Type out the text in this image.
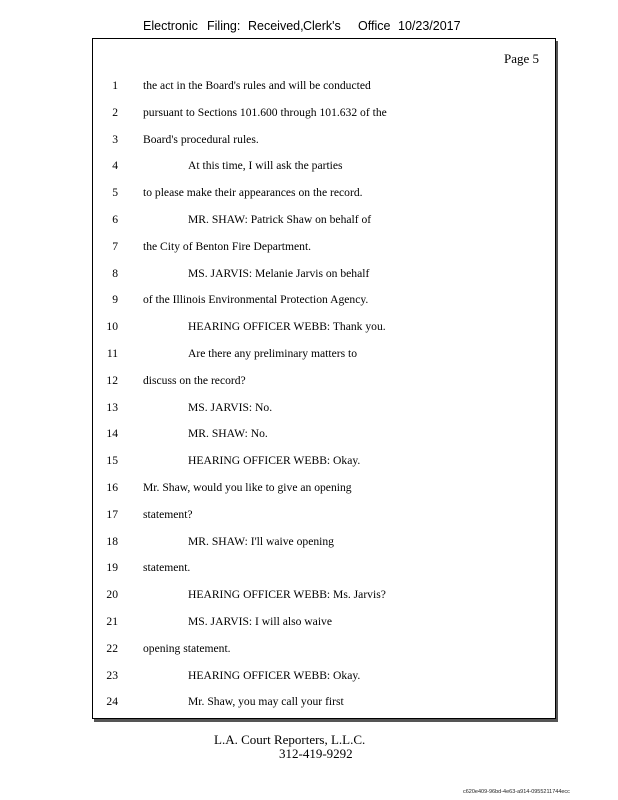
Electronic Filing: Received, Clerk's Office 10/23/2017
Page 5
1 the act in the Board's rules and will be conducted
2 pursuant to Sections 101.600 through 101.632 of the
3 Board's procedural rules.
4	At this time, I will ask the parties
5 to please make their appearances on the record.
6	MR. SHAW: Patrick Shaw on behalf of
7 the City of Benton Fire Department.
8	MS. JARVIS: Melanie Jarvis on behalf
9 of the Illinois Environmental Protection Agency.
10	HEARING OFFICER WEBB: Thank you.
11	Are there any preliminary matters to
12 discuss on the record?
13	MS. JARVIS: No.
14	MR. SHAW: No.
15	HEARING OFFICER WEBB: Okay.
16 Mr. Shaw, would you like to give an opening
17 statement?
18	MR. SHAW: I'll waive opening
19 statement.
20	HEARING OFFICER WEBB: Ms. Jarvis?
21	MS. JARVIS: I will also waive
22 opening statement.
23	HEARING OFFICER WEBB: Okay.
24	Mr. Shaw, you may call your first
L.A. Court Reporters, L.L.C.
312-419-9292
c620e409-96bd-4e63-a914-0955211744ecc
